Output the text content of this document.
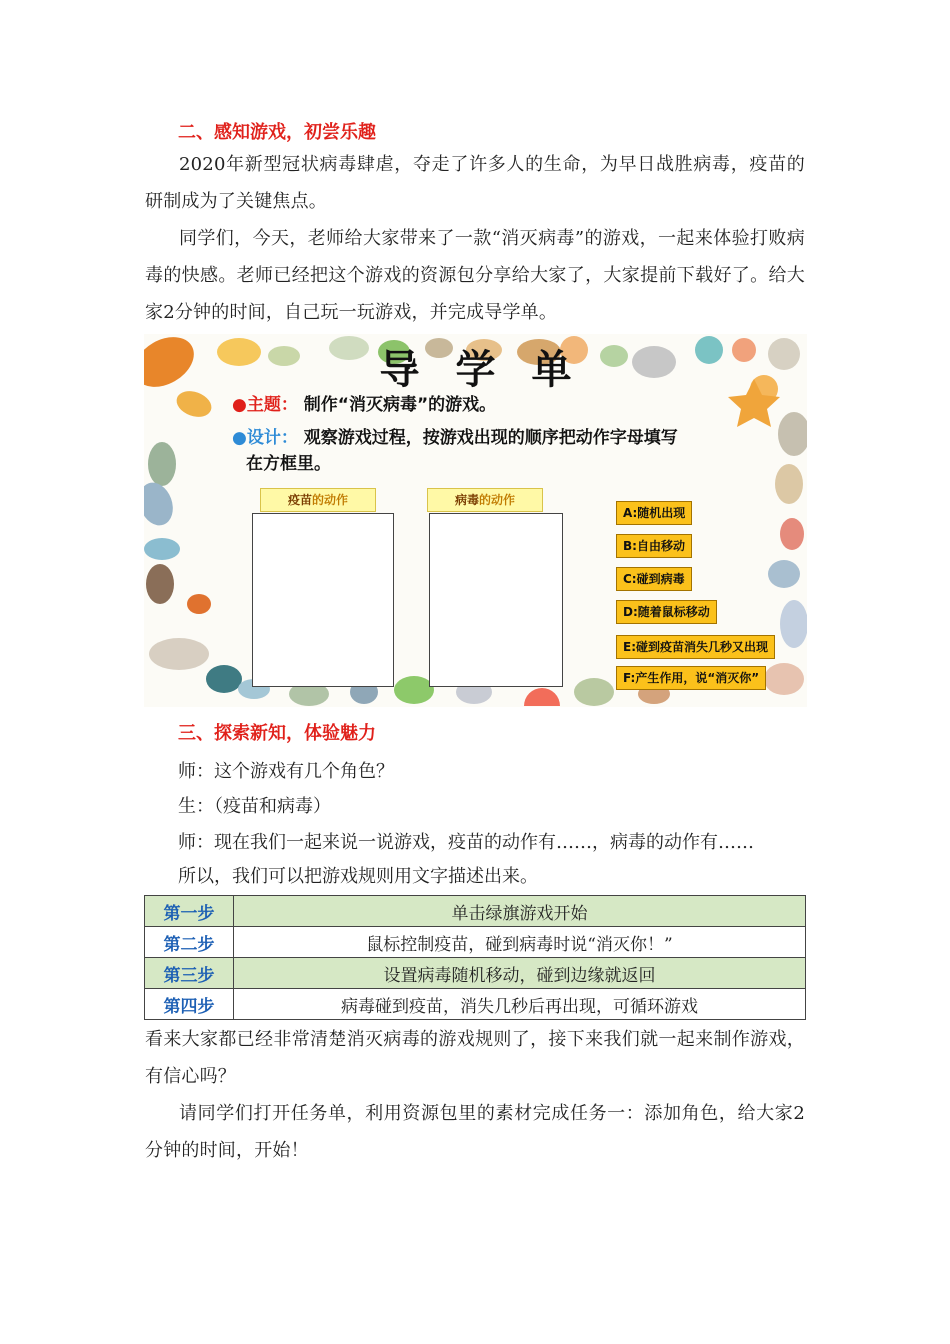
二、感知游戏，初尝乐趣

2020年新型冠状病毒肆虐，夺走了许多人的生命，为早日战胜病毒，疫苗的研制成为了关键焦点。

同学们，今天，老师给大家带来了一款“消灭病毒”的游戏，一起来体验打败病毒的快感。老师已经把这个游戏的资源包分享给大家了，大家提前下载好了。给大家2分钟的时间，自己玩一玩游戏，并完成导学单。

导学单
●主题： 制作“消灭病毒”的游戏。
●设计： 观察游戏过程，按游戏出现的顺序把动作字母填写
在方框里。
疫苗的动作	病毒的动作
A:随机出现
B:自由移动
C:碰到病毒
D:随着鼠标移动
E:碰到疫苗消失几秒又出现
F:产生作用，说“消灭你”
三、探索新知，体验魅力

师：这个游戏有几个角色？

生：（疫苗和病毒）

师：现在我们一起来说一说游戏，疫苗的动作有……，病毒的动作有……

所以，我们可以把游戏规则用文字描述出来。

第一步	单击绿旗游戏开始
第二步	鼠标控制疫苗，碰到病毒时说“消灭你！”
第三步	设置病毒随机移动，碰到边缘就返回
第四步	病毒碰到疫苗，消失几秒后再出现，可循环游戏

看来大家都已经非常清楚消灭病毒的游戏规则了，接下来我们就一起来制作游戏，有信心吗？

请同学们打开任务单，利用资源包里的素材完成任务一：添加角色，给大家2分钟的时间，开始！
